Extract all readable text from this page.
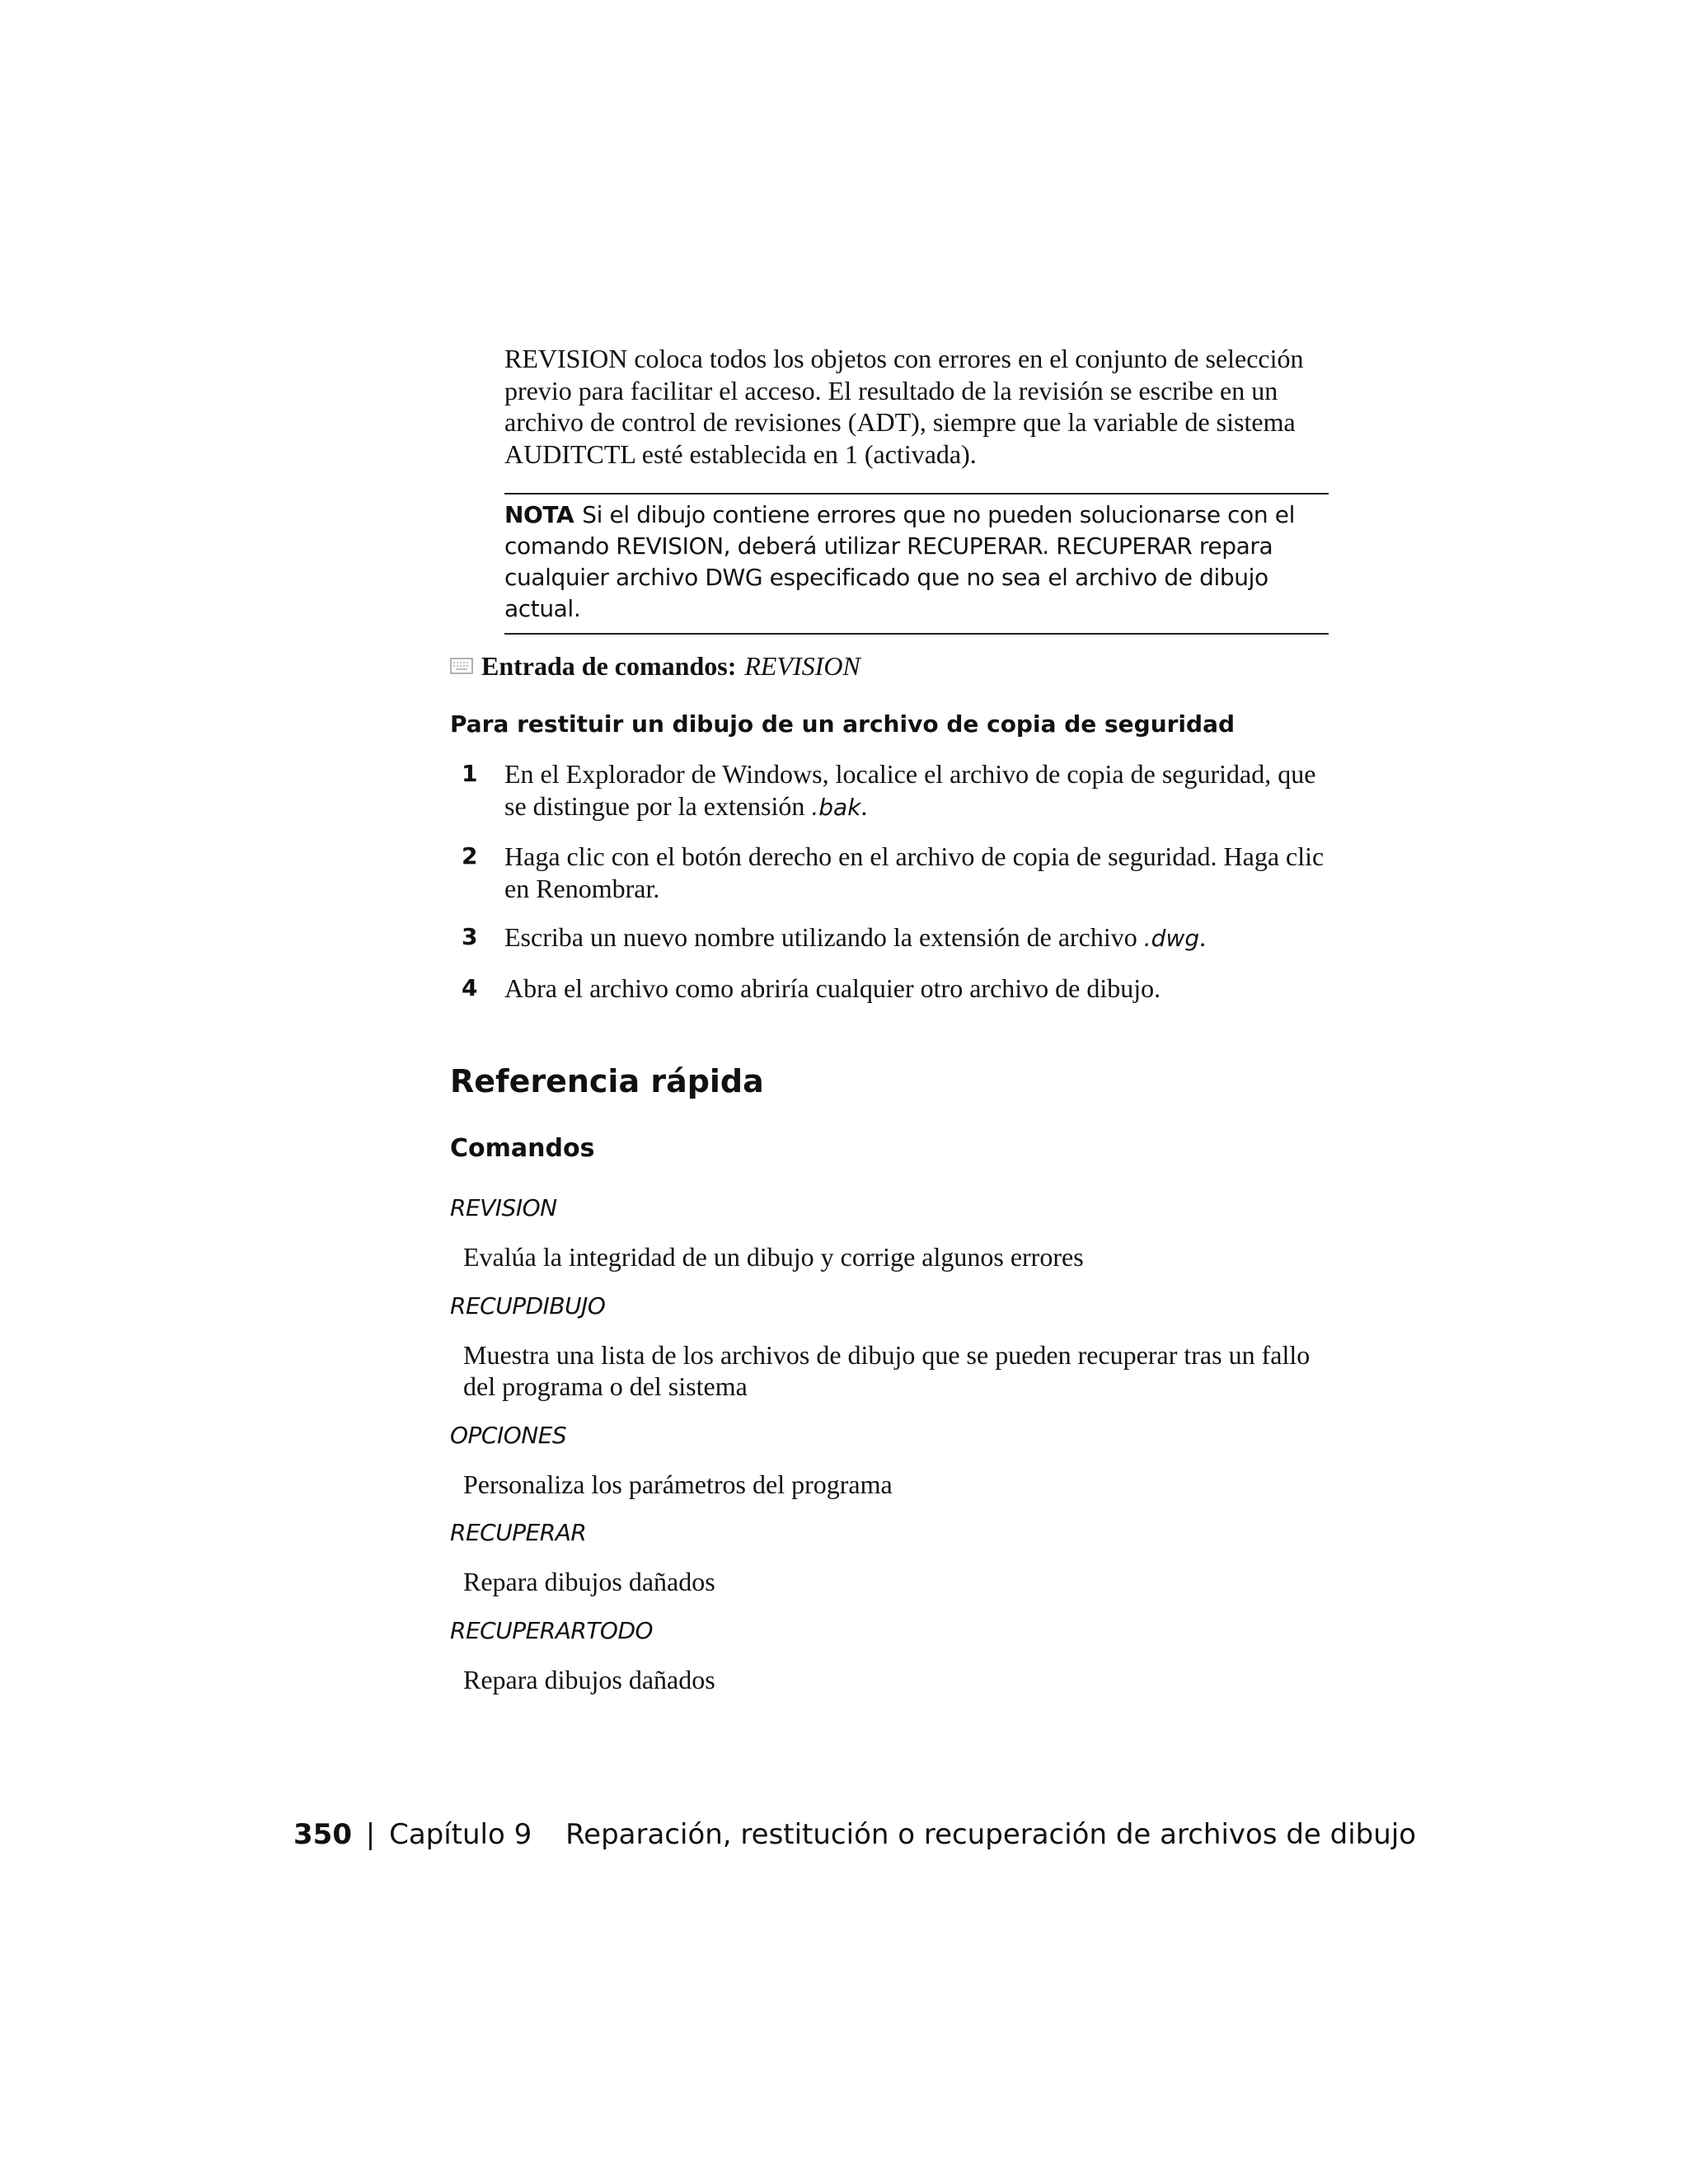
REVISION coloca todos los objetos con errores en el conjunto de selección previo para facilitar el acceso. El resultado de la revisión se escribe en un archivo de control de revisiones (ADT), siempre que la variable de sistema AUDITCTL esté establecida en 1 (activada).

NOTA Si el dibujo contiene errores que no pueden solucionarse con el comando REVISION, deberá utilizar RECUPERAR. RECUPERAR repara cualquier archivo DWG especificado que no sea el archivo de dibujo actual.
Entrada de comandos: REVISION

Para restituir un dibujo de un archivo de copia de seguridad

1	En el Explorador de Windows, localice el archivo de copia de seguridad, que se distingue por la extensión .bak.
2	Haga clic con el botón derecho en el archivo de copia de seguridad. Haga clic en Renombrar.
3	Escriba un nuevo nombre utilizando la extensión de archivo .dwg.
4	Abra el archivo como abriría cualquier otro archivo de dibujo.
Referencia rápida
Comandos

REVISION

Evalúa la integridad de un dibujo y corrige algunos errores

RECUPDIBUJO

Muestra una lista de los archivos de dibujo que se pueden recuperar tras un fallo del programa o del sistema

OPCIONES

Personaliza los parámetros del programa

RECUPERAR

Repara dibujos dañados

RECUPERARTODO

Repara dibujos dañados

350 | Capítulo 9 Reparación, restitución o recuperación de archivos de dibujo
